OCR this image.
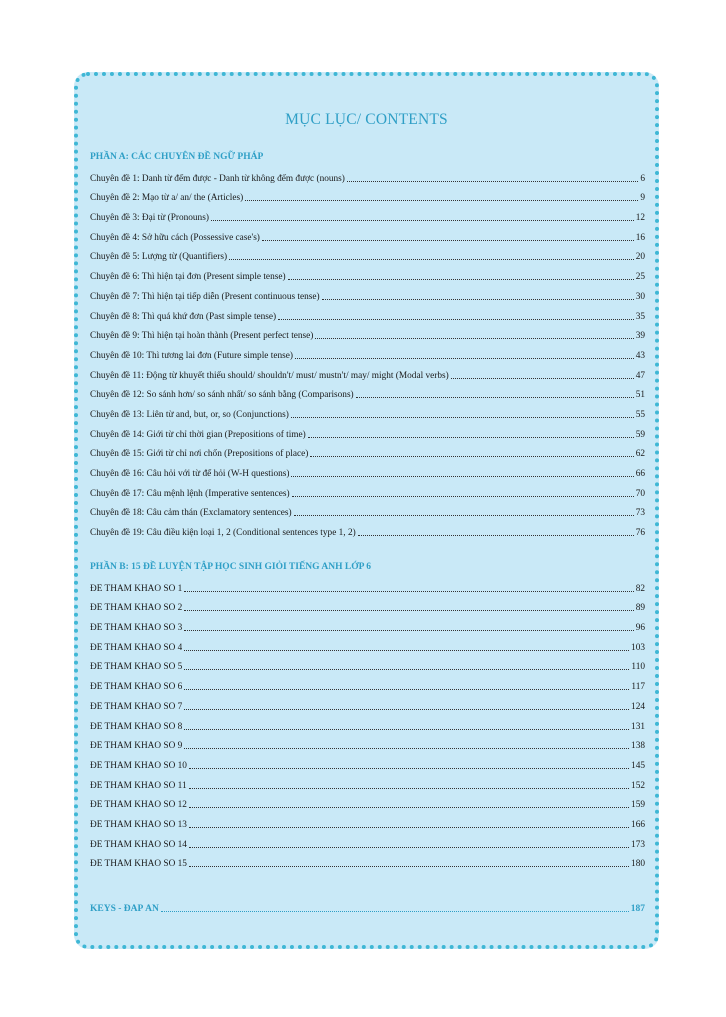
MỤC LỤC/ CONTENTS
PHẦN A: CÁC CHUYÊN ĐỀ NGỮ PHÁP
Chuyên đề 1: Danh từ đếm được - Danh từ không đếm được (nouns)	6
Chuyên đề 2: Mạo từ a/ an/ the (Articles)	9
Chuyên đề 3: Đại từ (Pronouns)	12
Chuyên đề 4: Sở hữu cách (Possessive case's)	16
Chuyên đề 5: Lượng từ (Quantifiers)	20
Chuyên đề 6: Thì hiện tại đơn (Present simple tense)	25
Chuyên đề 7: Thì hiện tại tiếp diễn (Present continuous tense)	30
Chuyên đề 8: Thì quá khứ đơn (Past simple tense)	35
Chuyên đề 9: Thì hiện tại hoàn thành (Present perfect tense)	39
Chuyên đề 10: Thì tương lai đơn (Future simple tense)	43
Chuyên đề 11: Động từ khuyết thiếu should/ shouldn't/ must/ mustn't/ may/ might (Modal verbs)	47
Chuyên đề 12: So sánh hơn/ so sánh nhất/ so sánh bằng (Comparisons)	51
Chuyên đề 13: Liên từ and, but, or, so (Conjunctions)	55
Chuyên đề 14: Giới từ chỉ thời gian (Prepositions of time)	59
Chuyên đề 15: Giới từ chỉ nơi chốn (Prepositions of place)	62
Chuyên đề 16: Câu hỏi với từ để hỏi (W-H questions)	66
Chuyên đề 17: Câu mệnh lệnh (Imperative sentences)	70
Chuyên đề 18: Câu cảm thán (Exclamatory sentences)	73
Chuyên đề 19: Câu điều kiện loại 1, 2 (Conditional sentences type 1, 2)	76
PHẦN B: 15 ĐỀ LUYỆN TẬP HỌC SINH GIỎI TIẾNG ANH LỚP 6
ĐỀ THAM KHẢO SỐ 1	82
ĐỀ THAM KHẢO SỐ 2	89
ĐỀ THAM KHẢO SỐ 3	96
ĐỀ THAM KHẢO SỐ 4	103
ĐỀ THAM KHẢO SỐ 5	110
ĐỀ THAM KHẢO SỐ 6	117
ĐỀ THAM KHẢO SỐ 7	124
ĐỀ THAM KHẢO SỐ 8	131
ĐỀ THAM KHẢO SỐ 9	138
ĐỀ THAM KHẢO SỐ 10	145
ĐỀ THAM KHẢO SỐ 11	152
ĐỀ THAM KHẢO SỐ 12	159
ĐỀ THAM KHẢO SỐ 13	166
ĐỀ THAM KHẢO SỐ 14	173
ĐỀ THAM KHẢO SỐ 15	180
KEYS - ĐÁP ÁN	187
